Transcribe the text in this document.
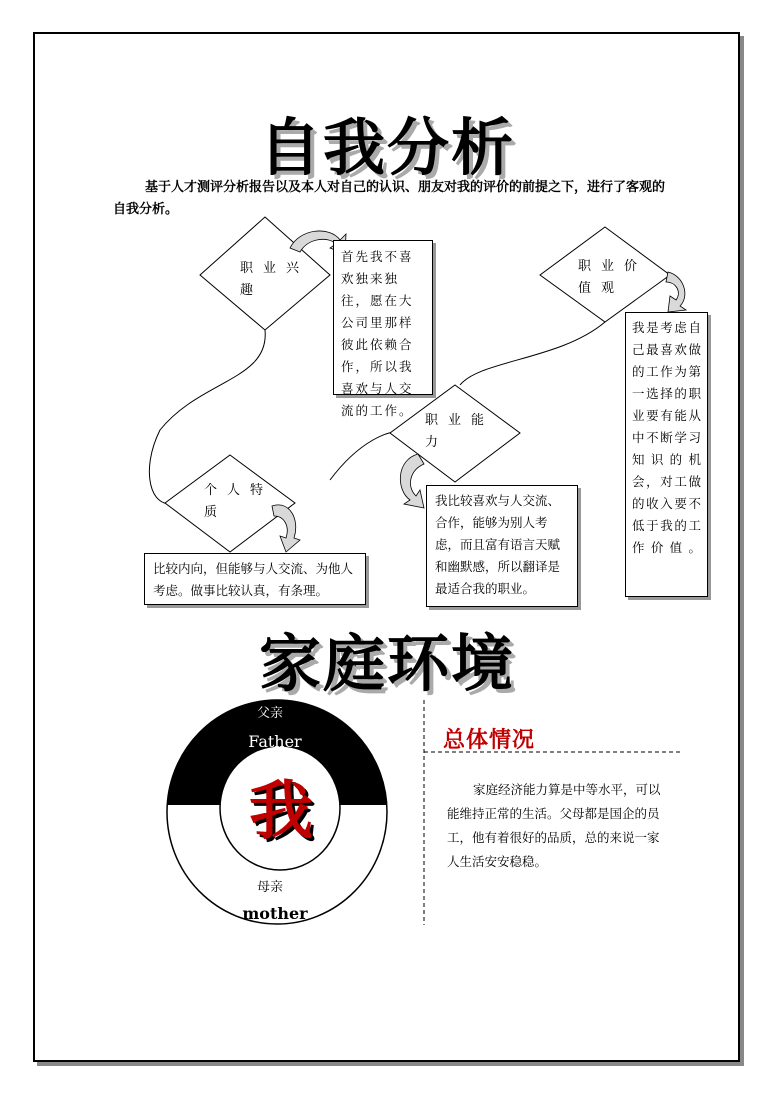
自我分析
基于人才测评分析报告以及本人对自己的认识、朋友对我的评价的前提之下，进行了客观的自我分析。
职业兴趣
职业价值观
职业能力
个人特质
首先我不喜欢独来独往，愿在大公司里那样彼此依赖合作，所以我喜欢与人交流的工作。
我是考虑自己最喜欢做的工作为第一选择的职业要有能从中不断学习知识的机会，对工做的收入要不低于我的工作价值。
我比较喜欢与人交流、合作，能够为别人考虑，而且富有语言天赋和幽默感，所以翻译是最适合我的职业。
比较内向，但能够与人交流、为他人考虑。做事比较认真，有条理。
家庭环境
父亲
Father
我
母亲
mother
总体情况
家庭经济能力算是中等水平，可以能维持正常的生活。父母都是国企的员工，他有着很好的品质，总的来说一家人生活安安稳稳。
